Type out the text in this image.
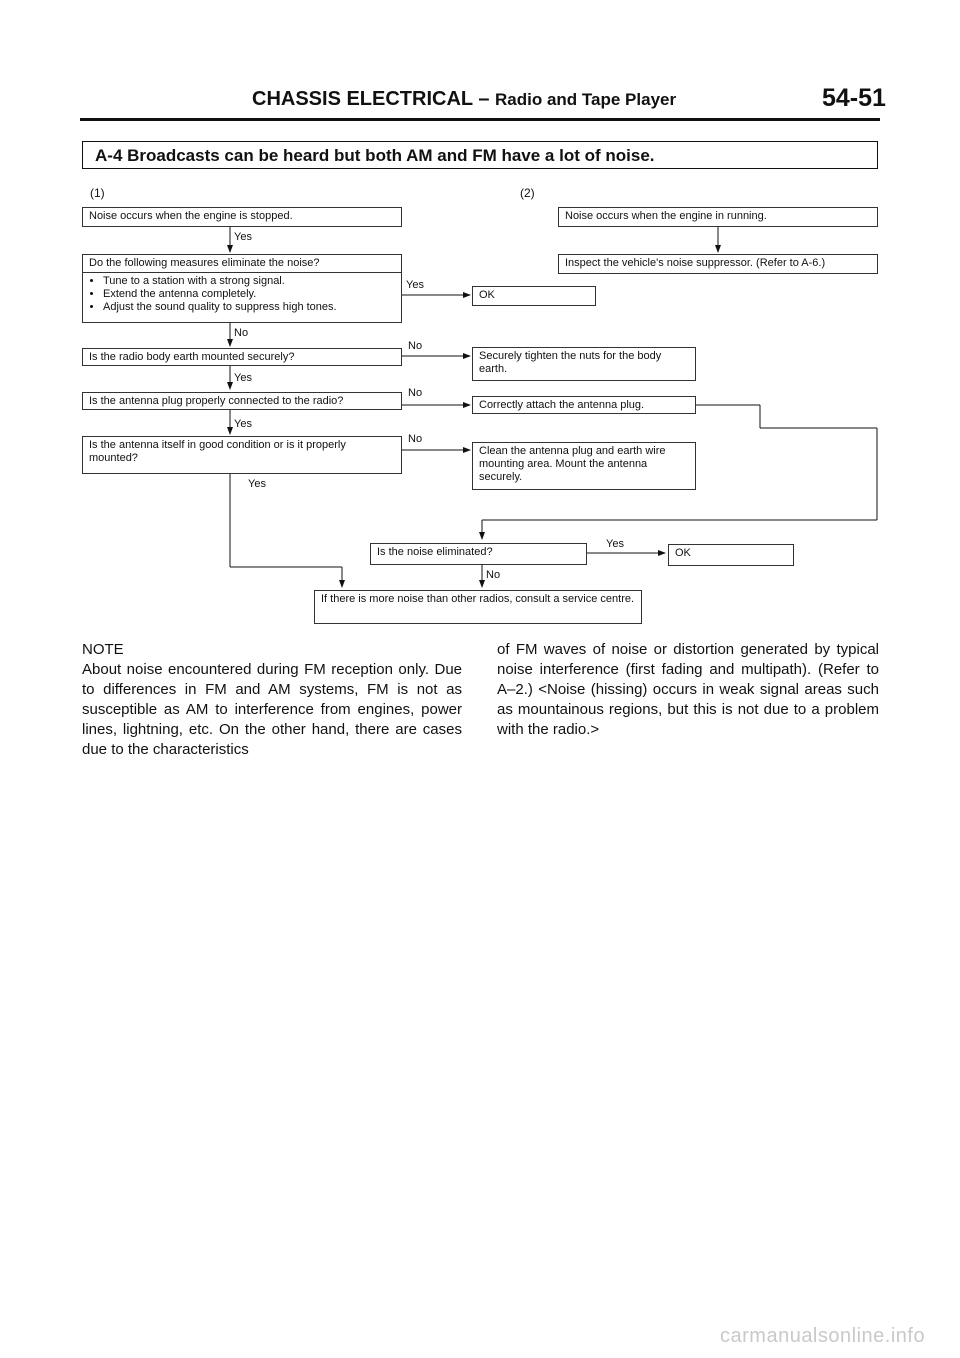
CHASSIS ELECTRICAL – Radio and Tape Player	54-51
A-4 Broadcasts can be heard but both AM and FM have a lot of noise.
(1)	(2)
Noise occurs when the engine is stopped.
Yes
Do the following measures eliminate the noise?
• Tune to a station with a strong signal.
• Extend the antenna completely.
• Adjust the sound quality to suppress high tones.
Yes
OK
No
Is the radio body earth mounted securely?
No
Securely tighten the nuts for the body earth.
Yes
Is the antenna plug properly connected to the radio?
No
Correctly attach the antenna plug.
Yes
Is the antenna itself in good condition or is it properly mounted?
No
Clean the antenna plug and earth wire mounting area. Mount the antenna securely.
Yes
Noise occurs when the engine in running.
Inspect the vehicle's noise suppressor. (Refer to A-6.)
Is the noise eliminated?
Yes
OK
No
If there is more noise than other radios, consult a service centre.
NOTE
About noise encountered during FM reception only. Due to differences in FM and AM systems, FM is not as susceptible as AM to interference from engines, power lines, lightning, etc. On the other hand, there are cases due to the characteristics
of FM waves of noise or distortion generated by typical noise interference (first fading and multipath). (Refer to A–2.) <Noise (hissing) occurs in weak signal areas such as mountainous regions, but this is not due to a problem with the radio.>
carmanualsonline.info
